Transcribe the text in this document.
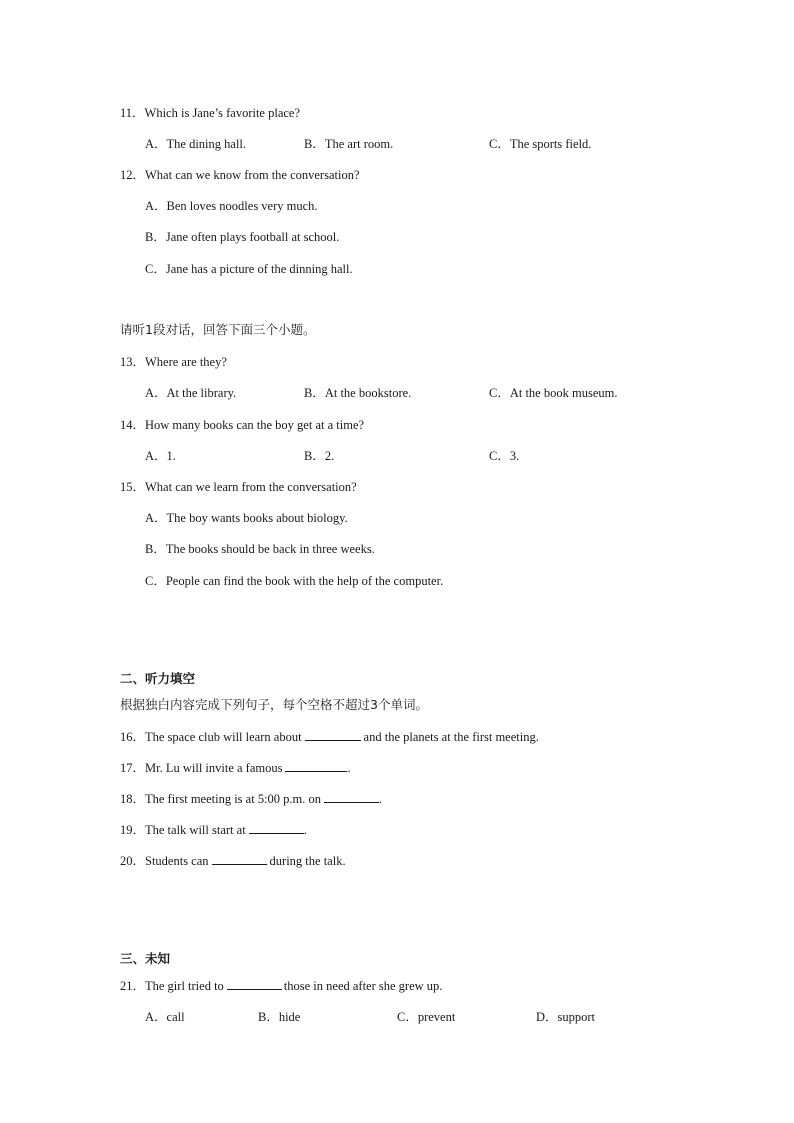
11．Which is Jane’s favorite place?
A．The dining hall.	B．The art room.	C．The sports field.
12．What can we know from the conversation?
A．Ben loves noodles very much.
B．Jane often plays football at school.
C．Jane has a picture of the dinning hall.
请听1段对话，回答下面三个小题。
13．Where are they?
A．At the library.	B．At the bookstore.	C．At the book museum.
14．How many books can the boy get at a time?
A．1.	B．2.	C．3.
15．What can we learn from the conversation?
A．The boy wants books about biology.
B．The books should be back in three weeks.
C．People can find the book with the help of the computer.
二、听力填空
根据独白内容完成下列句子，每个空格不超过3个单词。
16．The space club will learn about	and the planets at the first meeting.
17．Mr. Lu will invite a famous	.
18．The first meeting is at 5:00 p.m. on	.
19．The talk will start at	.
20．Students can	during the talk.
三、未知
21．The girl tried to	those in need after she grew up.
A．call	B．hide	C．prevent	D．support
